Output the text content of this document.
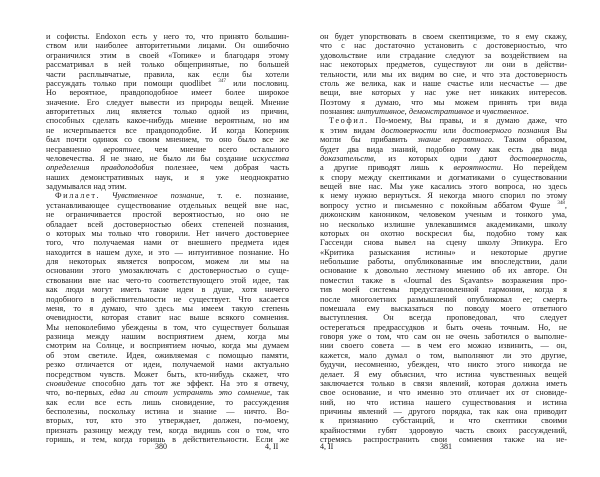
и софисты. Endoxon есть у него то, что принято большин-
ством или наиболее авторитетными лицами. Он ошибочно
ограничился этим в своей «Топике» и благодаря этому
рассматривал в ней только общепринятые, по большей
части расплывчатые, правила, как если бы хотели
рассуждать только при помощи quodlibet $^{347}$ или пословиц.
Но вероятное, правдоподобное имеет более широкое
значение. Его следует вывести из природы вещей. Мнение
авторитетных лиц является только одной из причин,
способных сделать какое-нибудь мнение вероятным, но им
не исчерпывается все правдоподобие. И когда Коперник
был почти одинок со своим мнением, то оно было все же
несравненно вероятнее, чем мнение всего остального
человечества. Я не знаю, не было ли бы создание искусства
определения правдоподобия полезнее, чем добрая часть
наших демонстративных наук, и я уже неоднократно
задумывался над этим.
Филалет. Чувственное познание, т. е. познание,
устанавливающее существование отдельных вещей вне нас,
не ограничивается простой вероятностью, но оно не
обладает всей достоверностью обеих степеней познания,
о которых мы только что говорили. Нет ничего достовернее
того, что получаемая нами от внешнего предмета идея
находится в нашем духе, и это — интуитивное познание. Но
для некоторых является вопросом, можем ли мы на
основании этого умозаключать с достоверностью о суще-
ствовании вне нас чего-то соответствующего этой идее, так
как люди могут иметь такие идеи в душе, хотя ничего
подобного в действительности не существует. Что касается
меня, то я думаю, что здесь мы имеем такую степень
очевидности, которая ставит нас выше всякого сомнения.
Мы непоколебимо убеждены в том, что существует большая
разница между нашим восприятием днем, когда мы
смотрим на Солнце, и восприятием ночью, когда мы думаем
об этом светиле. Идея, оживляемая с помощью памяти,
резко отличается от идеи, получаемой нами актуально
посредством чувств. Может быть, кто-нибудь скажет, что
сновидение способно дать тот же эффект. На это я отвечу,
что, во-первых, едва ли стоит устранять это сомнение, так
как если все есть лишь сновидение, то рассуждения
бесполезны, поскольку истина и знание — ничто. Во-
вторых, тот, кто это утверждает, должен, по-моему,
признать разницу между тем, когда видишь сон о том, что
горишь, и тем, когда горишь в действительности. Если же
он будет упорствовать в своем скептицизме, то я ему скажу,
что с нас достаточно установить с достоверностью, что
удовольствие или страдание следуют за воздействием на
нас некоторых предметов, существуют ли они в действи-
тельности, или мы их видим во сне, и что эта достоверность
столь же велика, как и наше счастье или несчастье — две
вещи, вне которых у нас уже нет никаких интересов.
Поэтому я думаю, что мы можем принять три вида
познания: интуитивное, демонстративное и чувственное.
Теофил. По-моему, Вы правы, и я думаю даже, что
к этим видам достоверности или достоверного познания Вы
могли бы прибавить знание вероятного. Таким образом,
будет два вида знаний, подобно тому как есть два вида
доказательств, из которых одни дают достоверность,
а другие приводят лишь к вероятности. Но перейдем
к спору между скептиками и догматиками о существовании
вещей вне нас. Мы уже касались этого вопроса, но здесь
к нему нужно вернуться. Я некогда много спорил по этому
вопросу устно и письменно с покойным аббатом Фуше $^{348}$,
дижонским каноником, человеком ученым и тонкого ума,
но несколько излишне увлекавшимся академиками, школу
которых он охотно воскресил бы, подобно тому как
Гассенди снова вывел на сцену школу Эпикура. Его
«Критика разыскания истины» и некоторые другие
небольшие работы, опубликованные им впоследствии, дали
основание к довольно лестному мнению об их авторе. Он
поместил также в «Journal des Sçavants» возражения про-
тив моей системы предустановленной гармонии, когда я
после многолетних размышлений опубликовал ее; смерть
помешала ему высказаться по поводу моего ответного
выступления. Он всегда проповедовал, что следует
остерегаться предрассудков и быть очень точным. Но, не
говоря уже о том, что сам он не очень заботился о выполне-
нии своего совета — в чем его можно извинить, — он,
кажется, мало думал о том, выполняют ли это другие,
будучи, несомненно, убежден, что никто этого никогда не
делает. Я ему объяснил, что истина чувственных вещей
заключается только в связи явлений, которая должна иметь
свое основание, и что именно это отличает их от сновиде-
ний, но что истина нашего существования и истина
причины явлений — другого порядка, так как она приводит
к признанию субстанций, и что скептики своими
крайностями губят здоровую часть своих рассуждений,
стремясь распространить свои сомнения также на не-
380	4, II	4, II	381
